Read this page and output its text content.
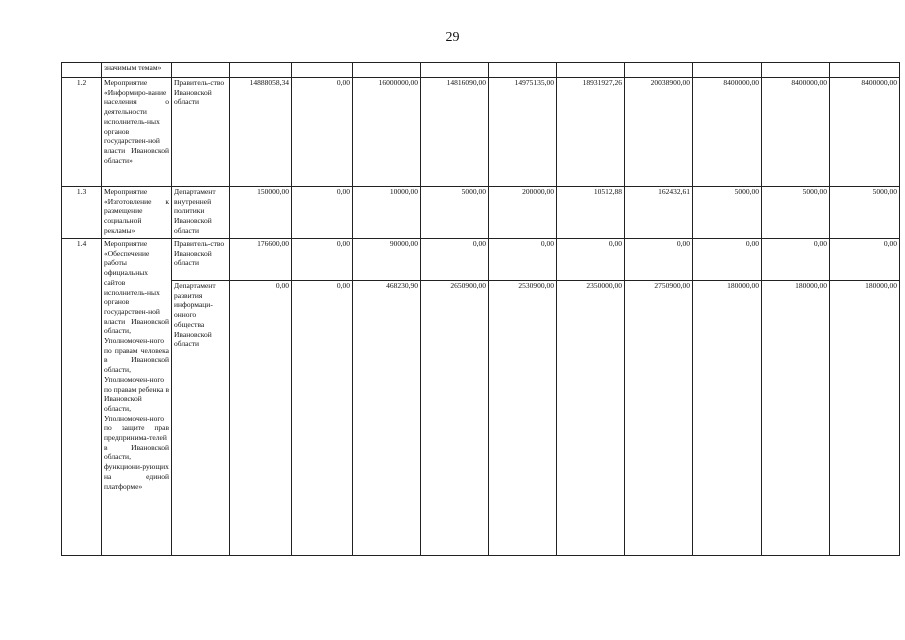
29
	значимым темам»											
1.2	Мероприятие «Информиро-вание населения о деятельности исполнитель-ных органов государствен-ной власти Ивановской области»	Правитель-ство Ивановской области	14888058,34	0,00	16000000,00	14816090,00	14975135,00	18931927,26	20038900,00	8400000,00	8400000,00	8400000,00
1.3	Мероприятие «Изготовление к размещение социальной рекламы»	Департамент внутренней политики Ивановской области	150000,00	0,00	10000,00	5000,00	200000,00	10512,88	162432,61	5000,00	5000,00	5000,00
1.4	Мероприятие «Обеспечение работы официальных сайтов исполнитель-ных органов государствен-ной власти Ивановской области, Уполномочен-ного по правам человека в Ивановской области, Уполномочен-ного по правам ребенка в Ивановской области, Уполномочен-ного по защите прав предпринима-телей в Ивановской области, функциони-рующих на единой платформе»	Правитель-ство Ивановской области	176600,00	0,00	90000,00	0,00	0,00	0,00	0,00	0,00	0,00	0,00
		Департамент развития информаци-онного общества Ивановской области	0,00	0,00	468230,90	2650900,00	2530900,00	2350000,00	2750900,00	180000,00	180000,00	180000,00
